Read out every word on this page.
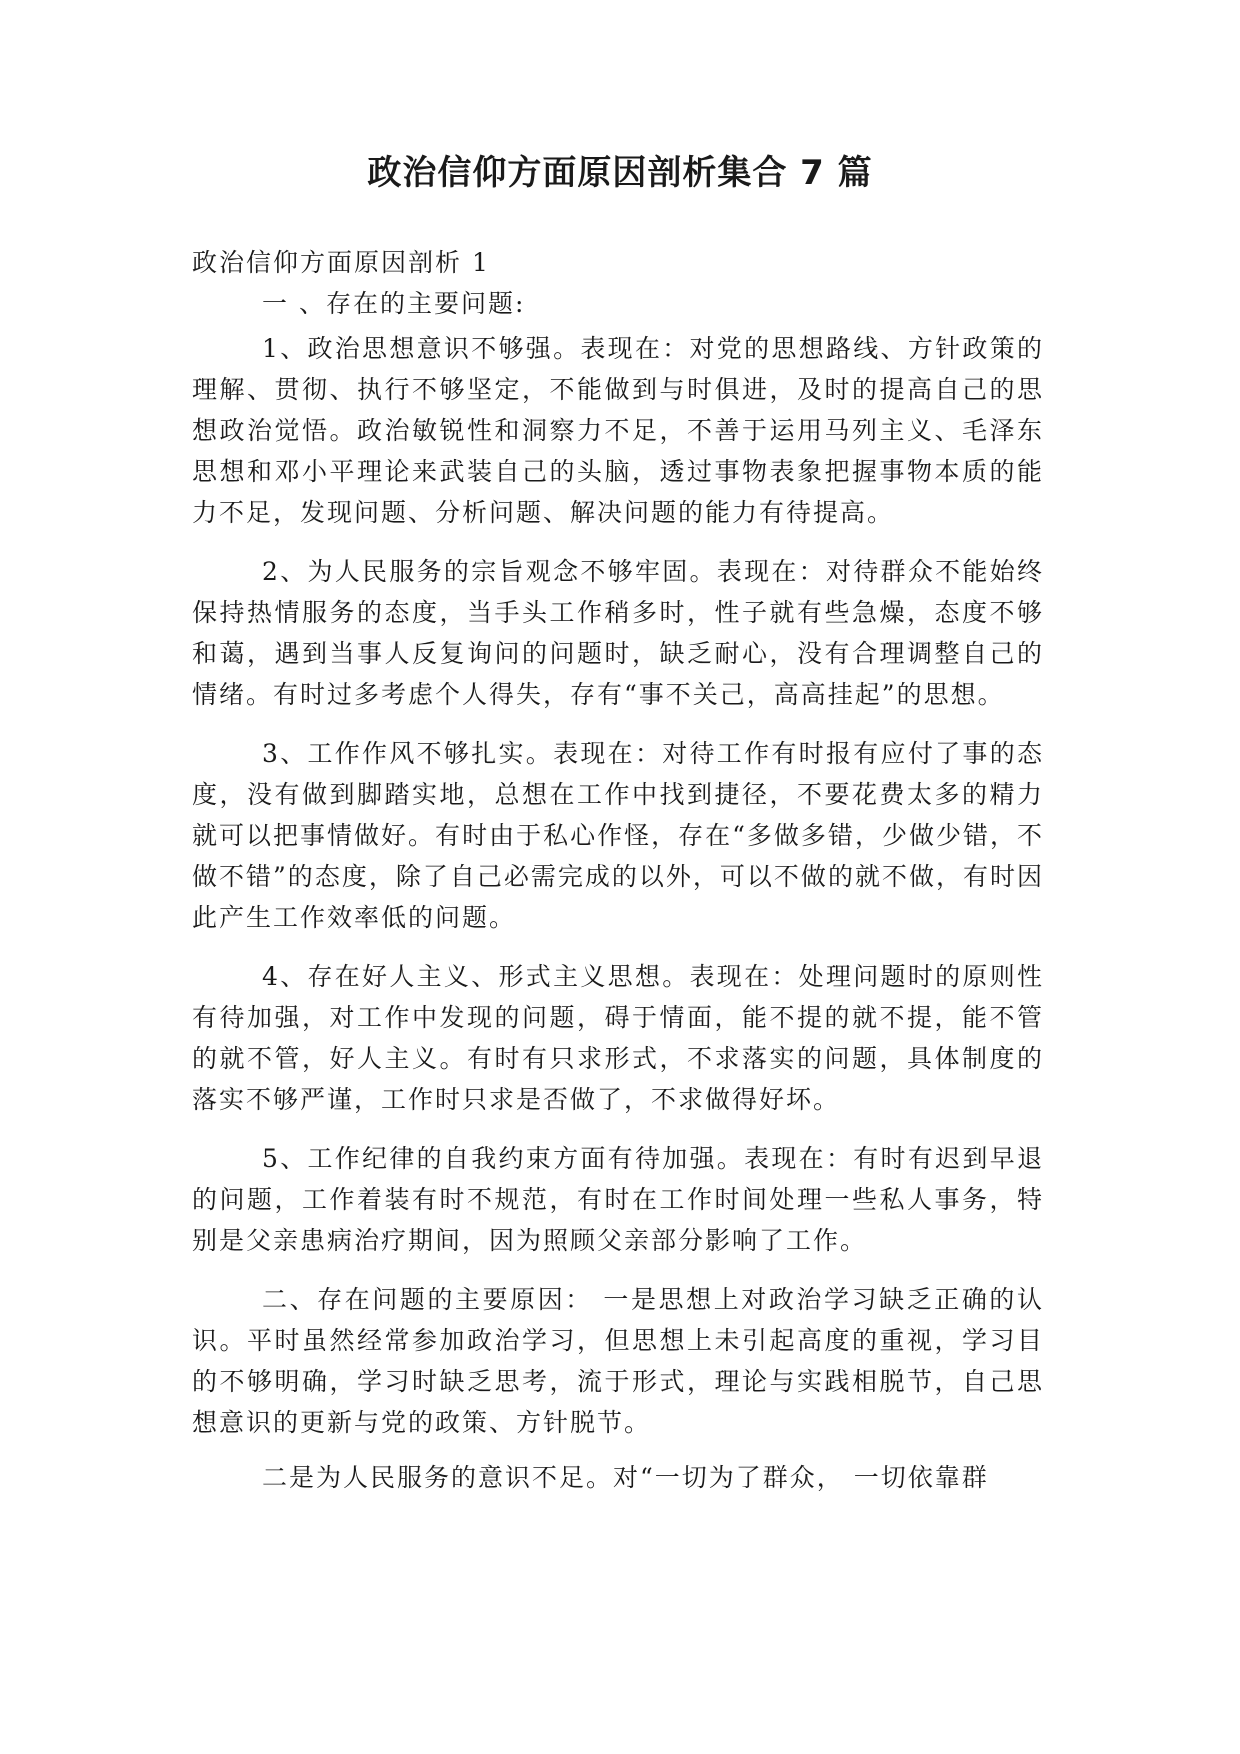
政治信仰方面原因剖析集合 7 篇

政治信仰方面原因剖析 1

一 、存在的主要问题:

1、政治思想意识不够强。表现在：对党的思想路线、方针政策的理解、贯彻、执行不够坚定，不能做到与时俱进，及时的提高自己的思想政治觉悟。政治敏锐性和洞察力不足，不善于运用马列主义、毛泽东思想和邓小平理论来武装自己的头脑，透过事物表象把握事物本质的能力不足，发现问题、分析问题、解决问题的能力有待提高。

2、为人民服务的宗旨观念不够牢固。表现在：对待群众不能始终保持热情服务的态度，当手头工作稍多时，性子就有些急燥，态度不够和蔼，遇到当事人反复询问的问题时，缺乏耐心，没有合理调整自己的情绪。有时过多考虑个人得失，存有“事不关己，高高挂起”的思想。

3、工作作风不够扎实。表现在：对待工作有时报有应付了事的态度，没有做到脚踏实地，总想在工作中找到捷径，不要花费太多的精力就可以把事情做好。有时由于私心作怪，存在“多做多错，少做少错，不做不错”的态度，除了自己必需完成的以外，可以不做的就不做，有时因此产生工作效率低的问题。

4、存在好人主义、形式主义思想。表现在：处理问题时的原则性有待加强，对工作中发现的问题，碍于情面，能不提的就不提，能不管的就不管，好人主义。有时有只求形式，不求落实的问题，具体制度的落实不够严谨，工作时只求是否做了，不求做得好坏。

5、工作纪律的自我约束方面有待加强。表现在：有时有迟到早退的问题，工作着装有时不规范，有时在工作时间处理一些私人事务，特别是父亲患病治疗期间，因为照顾父亲部分影响了工作。

二、存在问题的主要原因： 一是思想上对政治学习缺乏正确的认识。平时虽然经常参加政治学习，但思想上未引起高度的重视，学习目的不够明确，学习时缺乏思考，流于形式，理论与实践相脱节，自己思想意识的更新与党的政策、方针脱节。

二是为人民服务的意识不足。对“一切为了群众， 一切依靠群
